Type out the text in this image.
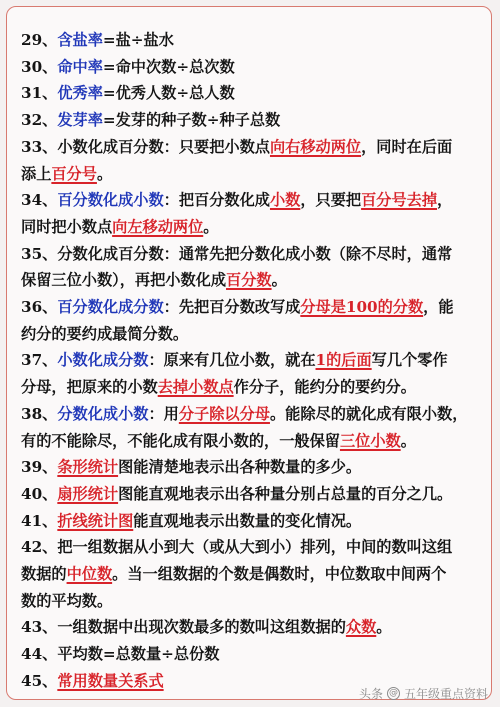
29、含盐率=盐÷盐水
30、命中率=命中次数÷总次数
31、优秀率=优秀人数÷总人数
32、发芽率=发芽的种子数÷种子总数
33、小数化成百分数：只要把小数点向右移动两位，同时在后面
添上百分号。
34、百分数化成小数：把百分数化成小数，只要把百分号去掉，
同时把小数点向左移动两位。
35、分数化成百分数：通常先把分数化成小数（除不尽时，通常
保留三位小数），再把小数化成百分数。
36、百分数化成分数：先把百分数改写成分母是100的分数，能
约分的要约成最简分数。
37、小数化成分数：原来有几位小数，就在1的后面写几个零作
分母，把原来的小数去掉小数点作分子，能约分的要约分。
38、分数化成小数：用分子除以分母。能除尽的就化成有限小数，
有的不能除尽，不能化成有限小数的，一般保留三位小数。
39、条形统计图能清楚地表示出各种数量的多少。
40、扇形统计图能直观地表示出各种量分别占总量的百分之几。
41、折线统计图能直观地表示出数量的变化情况。
42、把一组数据从小到大（或从大到小）排列，中间的数叫这组
数据的中位数。当一组数据的个数是偶数时，中位数取中间两个
数的平均数。
43、一组数据中出现次数最多的数叫这组数据的众数。
44、平均数=总数量÷总份数
45、常用数量关系式
头条 @ 五年级重点资料
